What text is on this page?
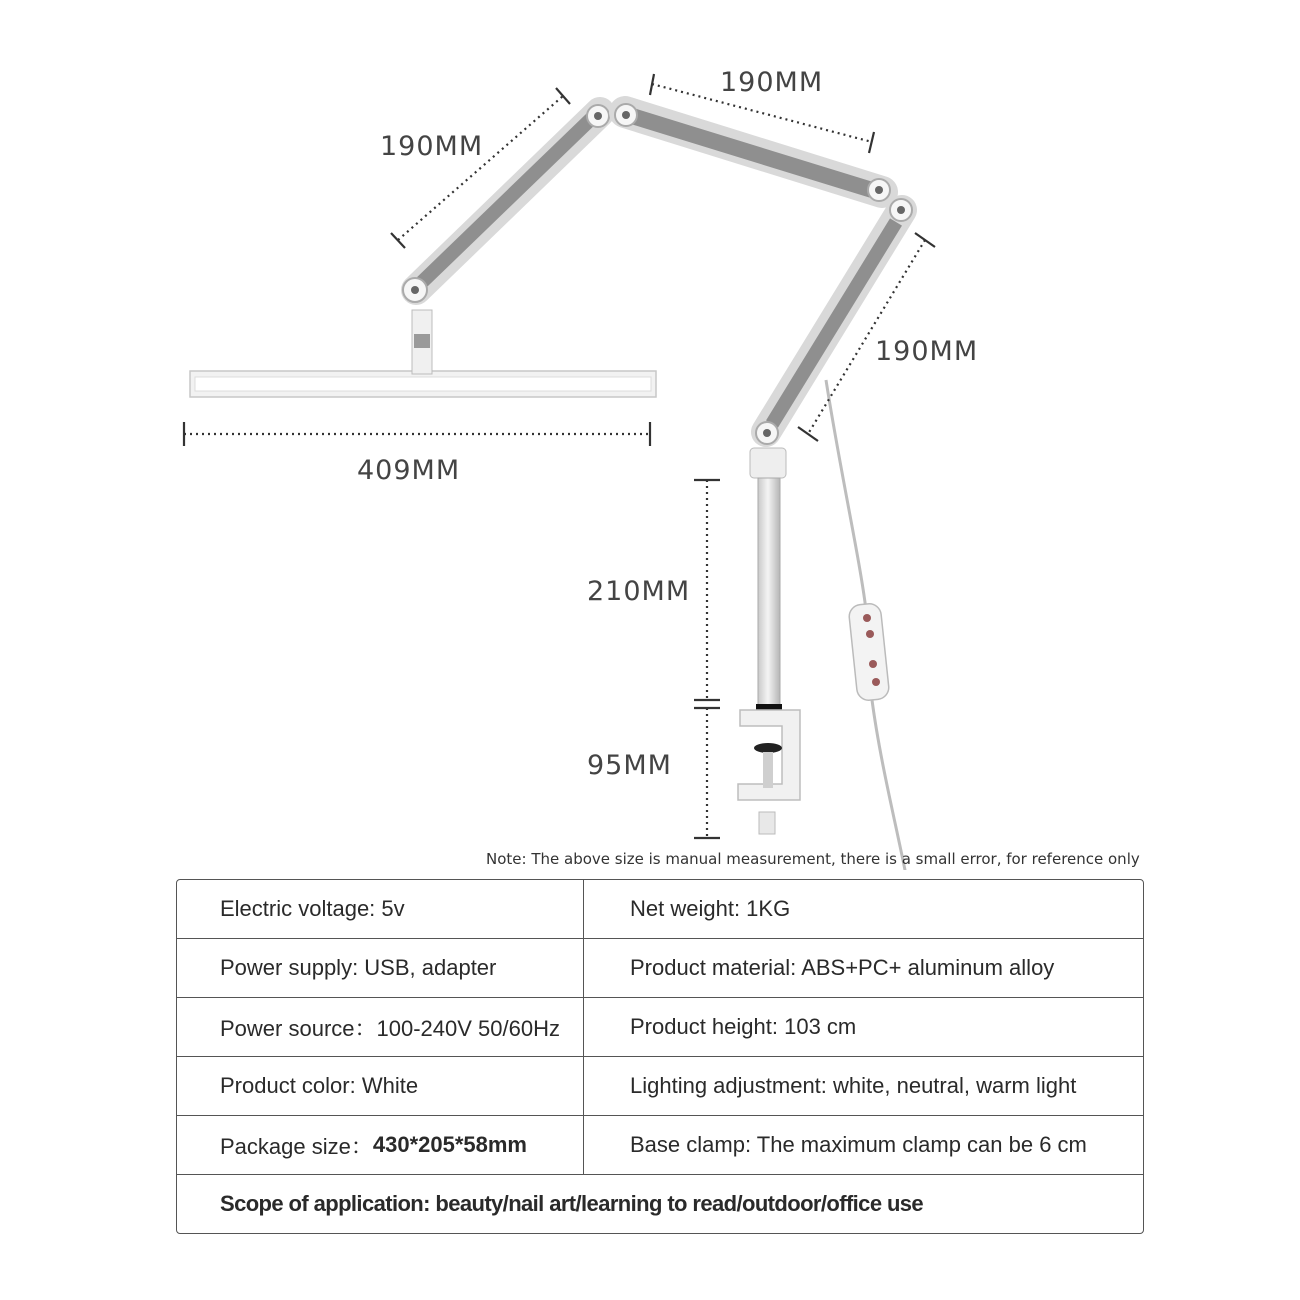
190MM
190MM
190MM
409MM
210MM
95MM
Note: The above size is manual measurement, there is a small error, for reference only
Electric voltage: 5v	Net weight: 1KG
Power supply: USB, adapter	Product material: ABS+PC+ aluminum alloy
Power source：100-240V 50/60Hz	Product height: 103 cm
Product color: White	Lighting adjustment: white, neutral, warm light
Package size： 430*205*58mm	Base clamp: The maximum clamp can be 6 cm
Scope of application: beauty/nail art/learning to read/outdoor/office use
